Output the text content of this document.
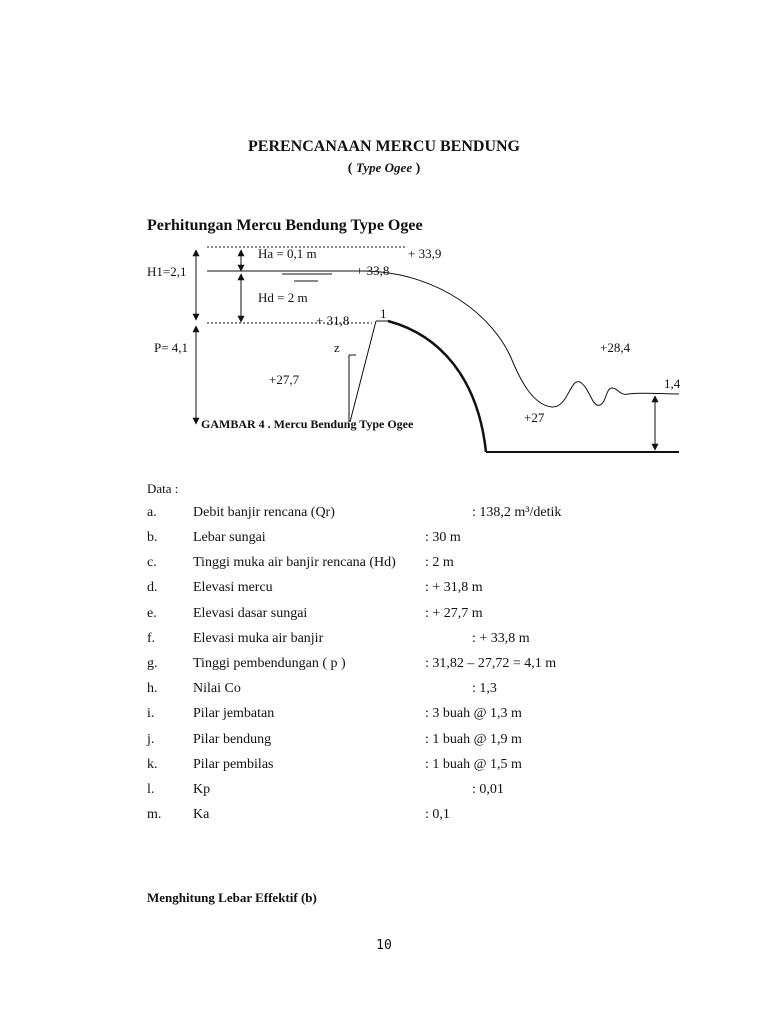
PERENCANAAN MERCU BENDUNG
( Type Ogee )
Perhitungan Mercu Bendung Type Ogee
Ha = 0,1 m	+ 33,9
H1=2,1	+ 33,8
Hd = 2 m
+ 31,8 1
P= 4,1	z	+28,4
+27,7
+27
1,4
GAMBAR 4 . Mercu Bendung Type Ogee
Data :
a.	Debit banjir rencana (Qr)	: 138,2 m³/detik
b.	Lebar sungai	: 30 m
c.	Tinggi muka air banjir rencana (Hd) : 2 m
d.	Elevasi mercu	: + 31,8 m
e.	Elevasi dasar sungai	: + 27,7 m
f.	Elevasi muka air banjir	: + 33,8 m
g.	Tinggi pembendungan ( p )	: 31,82 – 27,72 = 4,1 m
h.	Nilai Co	: 1,3
i.	Pilar jembatan	: 3 buah @ 1,3 m
j.	Pilar bendung	: 1 buah @ 1,9 m
k.	Pilar pembilas	: 1 buah @ 1,5 m
l.	Kp	: 0,01
m. Ka	: 0,1
Menghitung Lebar Effektif (b)
10
